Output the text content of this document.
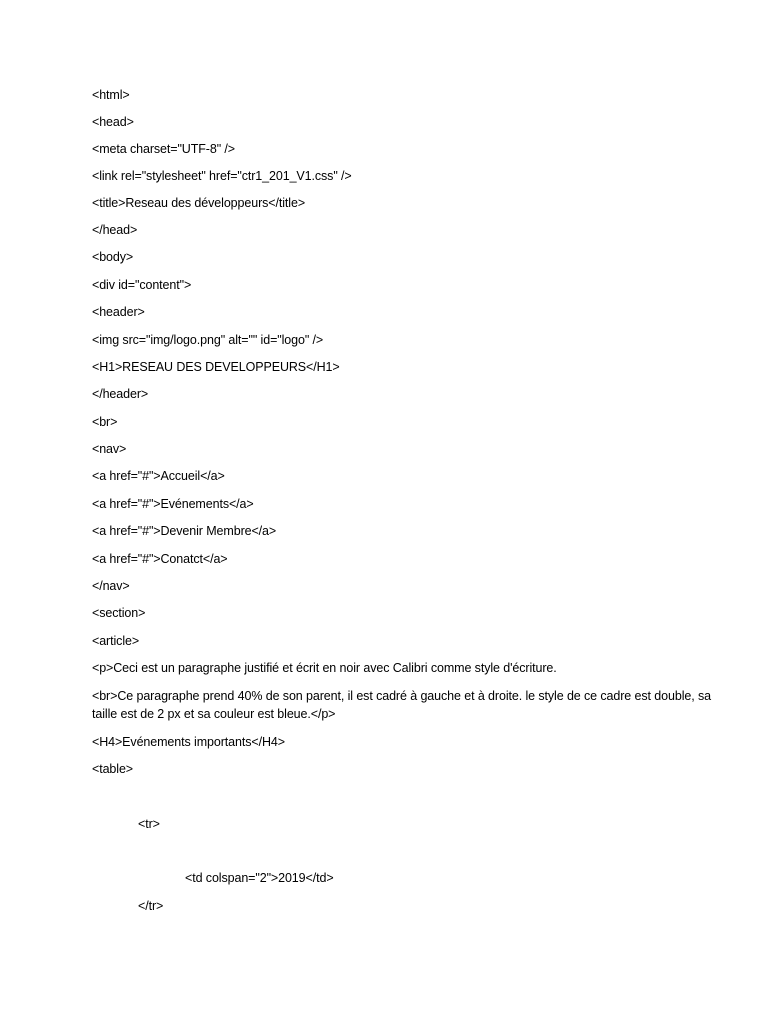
<html>
<head>
<meta charset="UTF-8" />
<link rel="stylesheet" href="ctr1_201_V1.css" />
<title>Reseau des développeurs</title>
</head>
<body>
<div id="content">
<header>
<img src="img/logo.png" alt="" id="logo" />
<H1>RESEAU DES DEVELOPPEURS</H1>
</header>
<br>
<nav>
<a href="#">Accueil</a>
<a href="#">Evénements</a>
<a href="#">Devenir Membre</a>
<a href="#">Conatct</a>
</nav>
<section>
<article>
<p>Ceci est un paragraphe justifié et écrit en noir avec Calibri comme style d'écriture.
<br>Ce paragraphe prend 40% de son parent, il est cadré à gauche et à droite. le style de ce cadre est double, sa taille est de 2 px et sa couleur est bleue.</p>
<H4>Evénements importants</H4>
<table>
<tr>
<td colspan="2">2019</td>
</tr>
